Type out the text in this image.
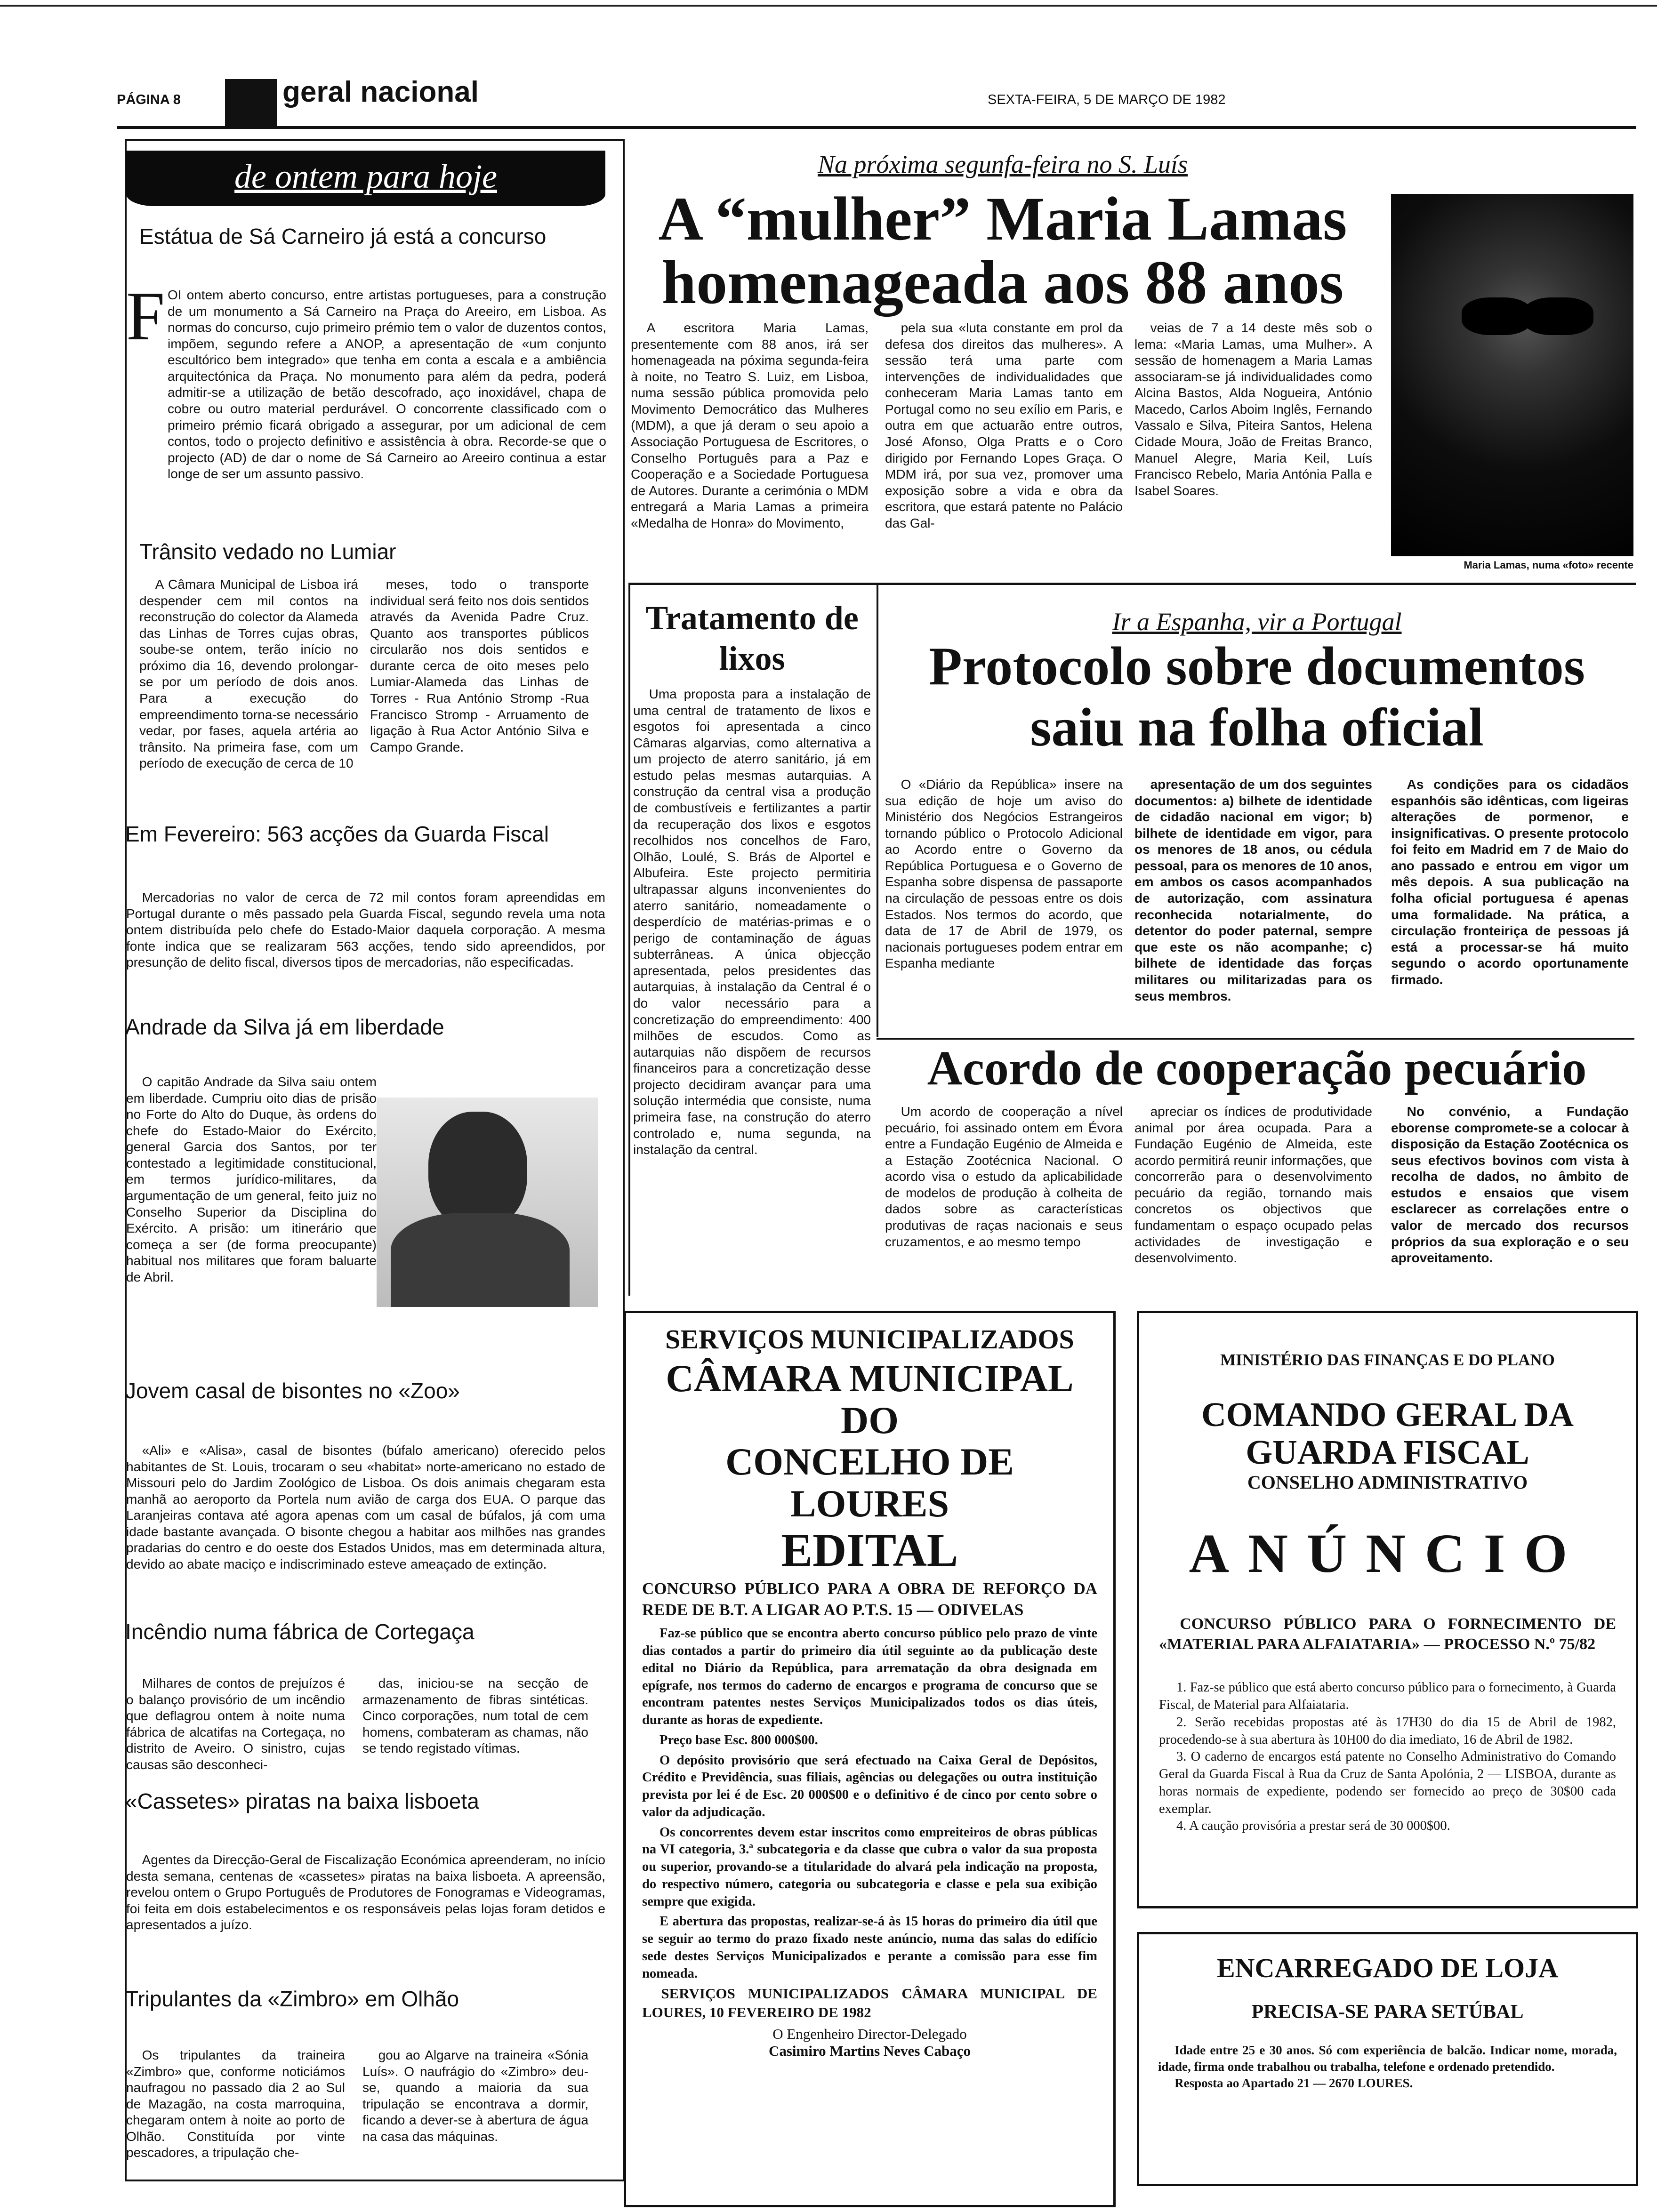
PÁGINA 8	geral nacional	SEXTA-FEIRA, 5 DE MARÇO DE 1982
de ontem para hoje
Estátua de Sá Carneiro já está a concurso
F OI ontem aberto concurso, entre artistas portugueses, para a construção de um monumento a Sá Carneiro na Praça do Areeiro, em Lisboa. As normas do concurso, cujo primeiro prémio tem o valor de duzentos contos, impõem, segundo refere a ANOP, a apresentação de «um conjunto escultórico bem integrado» que tenha em conta a escala e a ambiência arquitectónica da Praça. No monumento para além da pedra, poderá admitir-se a utilização de betão descofrado, aço inoxidável, chapa de cobre ou outro material perdurável. O concorrente classificado com o primeiro prémio ficará obrigado a assegurar, por um adicional de cem contos, todo o projecto definitivo e assistência à obra. Recorde-se que o projecto (AD) de dar o nome de Sá Carneiro ao Areeiro continua a estar longe de ser um assunto passivo.
Trânsito vedado no Lumiar
A Câmara Municipal de Lisboa irá despender cem mil contos na reconstrução do colector da Alameda das Linhas de Torres cujas obras, soube-se ontem, terão início no próximo dia 16, devendo prolongar-se por um período de dois anos. Para a execução do empreendimento torna-se necessário vedar, por fases, aquela artéria ao trânsito. Na primeira fase, com um período de execução de cerca de 10
meses, todo o transporte individual será feito nos dois sentidos através da Avenida Padre Cruz. Quanto aos transportes públicos circularão nos dois sentidos e durante cerca de oito meses pelo Lumiar-Alameda das Linhas de Torres - Rua António Stromp -Rua Francisco Stromp - Arruamento de ligação à Rua Actor António Silva e Campo Grande.
Em Fevereiro: 563 acções da Guarda Fiscal
Mercadorias no valor de cerca de 72 mil contos foram apreendidas em Portugal durante o mês passado pela Guarda Fiscal, segundo revela uma nota ontem distribuída pelo chefe do Estado-Maior daquela corporação. A mesma fonte indica que se realizaram 563 acções, tendo sido apreendidos, por presunção de delito fiscal, diversos tipos de mercadorias, não especificadas.
Andrade da Silva já em liberdade
O capitão Andrade da Silva saiu ontem em liberdade. Cumpriu oito dias de prisão no Forte do Alto do Duque, às ordens do chefe do Estado-Maior do Exército, general Garcia dos Santos, por ter contestado a legitimidade constitucional, em termos jurídico-militares, da argumentação de um general, feito juiz no Conselho Superior da Disciplina do Exército. A prisão: um itinerário que começa a ser (de forma preocupante) habitual nos militares que foram baluarte de Abril.
Jovem casal de bisontes no «Zoo»
«Ali» e «Alisa», casal de bisontes (búfalo americano) oferecido pelos habitantes de St. Louis, trocaram o seu «habitat» norte-americano no estado de Missouri pelo do Jardim Zoológico de Lisboa. Os dois animais chegaram esta manhã ao aeroporto da Portela num avião de carga dos EUA. O parque das Laranjeiras contava até agora apenas com um casal de búfalos, já com uma idade bastante avançada. O bisonte chegou a habitar aos milhões nas grandes pradarias do centro e do oeste dos Estados Unidos, mas em determinada altura, devido ao abate maciço e indiscriminado esteve ameaçado de extinção.
Incêndio numa fábrica de Cortegaça
Milhares de contos de prejuízos é o balanço provisório de um incêndio que deflagrou ontem à noite numa fábrica de alcatifas na Cortegaça, no distrito de Aveiro. O sinistro, cujas causas são desconheci-
das, iniciou-se na secção de armazenamento de fibras sintéticas. Cinco corporações, num total de cem homens, combateram as chamas, não se tendo registado vítimas.
«Cassetes» piratas na baixa lisboeta
Agentes da Direcção-Geral de Fiscalização Económica apreenderam, no início desta semana, centenas de «cassetes» piratas na baixa lisboeta. A apreensão, revelou ontem o Grupo Português de Produtores de Fonogramas e Videogramas, foi feita em dois estabelecimentos e os responsáveis pelas lojas foram detidos e apresentados a juízo.
Tripulantes da «Zimbro» em Olhão
Os tripulantes da traineira «Zimbro» que, conforme noticiámos naufragou no passado dia 2 ao Sul de Mazagão, na costa marroquina, chegaram ontem à noite ao porto de Olhão. Constituída por vinte pescadores, a tripulação che-
gou ao Algarve na traineira «Sónia Luís». O naufrágio do «Zimbro» deu-se, quando a maioria da sua tripulação se encontrava a dormir, ficando a dever-se à abertura de água na casa das máquinas.
Na próxima segunfa-feira no S. Luís
A “mulher” Maria Lamas
homenageada aos 88 anos
A escritora Maria Lamas, presentemente com 88 anos, irá ser homenageada na póxima segunda-feira à noite, no Teatro S. Luiz, em Lisboa, numa sessão pública promovida pelo Movimento Democrático das Mulheres (MDM), a que já deram o seu apoio a Associação Portuguesa de Escritores, o Conselho Português para a Paz e Cooperação e a Sociedade Portuguesa de Autores. Durante a cerimónia o MDM entregará a Maria Lamas a primeira «Medalha de Honra» do Movimento,
pela sua «luta constante em prol da defesa dos direitos das mulheres». A sessão terá uma parte com intervenções de individualidades que conheceram Maria Lamas tanto em Portugal como no seu exílio em Paris, e outra em que actuarão entre outros, José Afonso, Olga Pratts e o Coro dirigido por Fernando Lopes Graça. O MDM irá, por sua vez, promover uma exposição sobre a vida e obra da escritora, que estará patente no Palácio das Gal-
veias de 7 a 14 deste mês sob o lema: «Maria Lamas, uma Mulher». A sessão de homenagem a Maria Lamas associaram-se já individualidades como Alcina Bastos, Alda Nogueira, António Macedo, Carlos Aboim Inglês, Fernando Vassalo e Silva, Piteira Santos, Helena Cidade Moura, João de Freitas Branco, Manuel Alegre, Maria Keil, Luís Francisco Rebelo, Maria Antónia Palla e Isabel Soares.
Maria Lamas, numa «foto» recente
Tratamento de lixos
Uma proposta para a instalação de uma central de tratamento de lixos e esgotos foi apresentada a cinco Câmaras algarvias, como alternativa a um projecto de aterro sanitário, já em estudo pelas mesmas autarquias. A construção da central visa a produção de combustíveis e fertilizantes a partir da recuperação dos lixos e esgotos recolhidos nos concelhos de Faro, Olhão, Loulé, S. Brás de Alportel e Albufeira. Este projecto permitiria ultrapassar alguns inconvenientes do aterro sanitário, nomeadamente o desperdício de matérias-primas e o perigo de contaminação de águas subterrâneas. A única objecção apresentada, pelos presidentes das autarquias, à instalação da Central é o do valor necessário para a concretização do empreendimento: 400 milhões de escudos. Como as autarquias não dispõem de recursos financeiros para a concretização desse projecto decidiram avançar para uma solução intermédia que consiste, numa primeira fase, na construção do aterro controlado e, numa segunda, na instalação da central.
Ir a Espanha, vir a Portugal
Protocolo sobre documentos
saiu na folha oficial
O «Diário da República» insere na sua edição de hoje um aviso do Ministério dos Negócios Estrangeiros tornando público o Protocolo Adicional ao Acordo entre o Governo da República Portuguesa e o Governo de Espanha sobre dispensa de passaporte na circulação de pessoas entre os dois Estados. Nos termos do acordo, que data de 17 de Abril de 1979, os nacionais portugueses podem entrar em Espanha mediante
apresentação de um dos seguintes documentos: a) bilhete de identidade de cidadão nacional em vigor; b) bilhete de identidade em vigor, para os menores de 18 anos, ou cédula pessoal, para os menores de 10 anos, em ambos os casos acompanhados de autorização, com assinatura reconhecida notarialmente, do detentor do poder paternal, sempre que este os não acompanhe; c) bilhete de identidade das forças militares ou militarizadas para os seus membros.
As condições para os cidadãos espanhóis são idênticas, com ligeiras alterações de pormenor, e insignificativas. O presente protocolo foi feito em Madrid em 7 de Maio do ano passado e entrou em vigor um mês depois. A sua publicação na folha oficial portuguesa é apenas uma formalidade. Na prática, a circulação fronteiriça de pessoas já está a processar-se há muito segundo o acordo oportunamente firmado.
Acordo de cooperação pecuário
Um acordo de cooperação a nível pecuário, foi assinado ontem em Évora entre a Fundação Eugénio de Almeida e a Estação Zootécnica Nacional. O acordo visa o estudo da aplicabilidade de modelos de produção à colheita de dados sobre as características produtivas de raças nacionais e seus cruzamentos, e ao mesmo tempo
apreciar os índices de produtividade animal por área ocupada. Para a Fundação Eugénio de Almeida, este acordo permitirá reunir informações, que concorrerão para o desenvolvimento pecuário da região, tornando mais concretos os objectivos que fundamentam o espaço ocupado pelas actividades de investigação e desenvolvimento.
No convénio, a Fundação eborense compromete-se a colocar à disposição da Estação Zootécnica os seus efectivos bovinos com vista à recolha de dados, no âmbito de estudos e ensaios que visem esclarecer as correlações entre o valor de mercado dos recursos próprios da sua exploração e o seu aproveitamento.
SERVIÇOS MUNICIPALIZADOS
CÂMARA MUNICIPAL DO
CONCELHO DE LOURES
EDITAL
CONCURSO PÚBLICO PARA A OBRA DE REFORÇO DA REDE DE B.T. A LIGAR AO P.T.S. 15 — ODIVELAS
Faz-se público que se encontra aberto concurso público pelo prazo de vinte dias contados a partir do primeiro dia útil seguinte ao da publicação deste edital no Diário da República, para arrematação da obra designada em epígrafe, nos termos do caderno de encargos e programa de concurso que se encontram patentes nestes Serviços Municipalizados todos os dias úteis, durante as horas de expediente.
Preço base Esc. 800 000$00.
O depósito provisório que será efectuado na Caixa Geral de Depósitos, Crédito e Previdência, suas filiais, agências ou delegações ou outra instituição prevista por lei é de Esc. 20 000$00 e o definitivo é de cinco por cento sobre o valor da adjudicação.
Os concorrentes devem estar inscritos como empreiteiros de obras públicas na VI categoria, 3.ª subcategoria e da classe que cubra o valor da sua proposta ou superior, provando-se a titularidade do alvará pela indicação na proposta, do respectivo número, categoria ou subcategoria e classe e pela sua exibição sempre que exigida.
E abertura das propostas, realizar-se-á às 15 horas do primeiro dia útil que se seguir ao termo do prazo fixado neste anúncio, numa das salas do edifício sede destes Serviços Municipalizados e perante a comissão para esse fim nomeada.
SERVIÇOS MUNICIPALIZADOS CÂMARA MUNICIPAL DE LOURES, 10 FEVEREIRO DE 1982
O Engenheiro Director-Delegado
Casimiro Martins Neves Cabaço
MINISTÉRIO DAS FINANÇAS E DO PLANO
COMANDO GERAL DA
GUARDA FISCAL
CONSELHO ADMINISTRATIVO
ANÚNCIO
CONCURSO PÚBLICO PARA O FORNECIMENTO DE «MATERIAL PARA ALFAIATARIA» — PROCESSO N.º 75/82
1. Faz-se público que está aberto concurso público para o fornecimento, à Guarda Fiscal, de Material para Alfaiataria.
2. Serão recebidas propostas até às 17H30 do dia 15 de Abril de 1982, procedendo-se à sua abertura às 10H00 do dia imediato, 16 de Abril de 1982.
3. O caderno de encargos está patente no Conselho Administrativo do Comando Geral da Guarda Fiscal à Rua da Cruz de Santa Apolónia, 2 — LISBOA, durante as horas normais de expediente, podendo ser fornecido ao preço de 30$00 cada exemplar.
4. A caução provisória a prestar será de 30 000$00.
ENCARREGADO DE LOJA
PRECISA-SE PARA SETÚBAL
Idade entre 25 e 30 anos. Só com experiência de balcão. Indicar nome, morada, idade, firma onde trabalhou ou trabalha, telefone e ordenado pretendido.
Resposta ao Apartado 21 — 2670 LOURES.
